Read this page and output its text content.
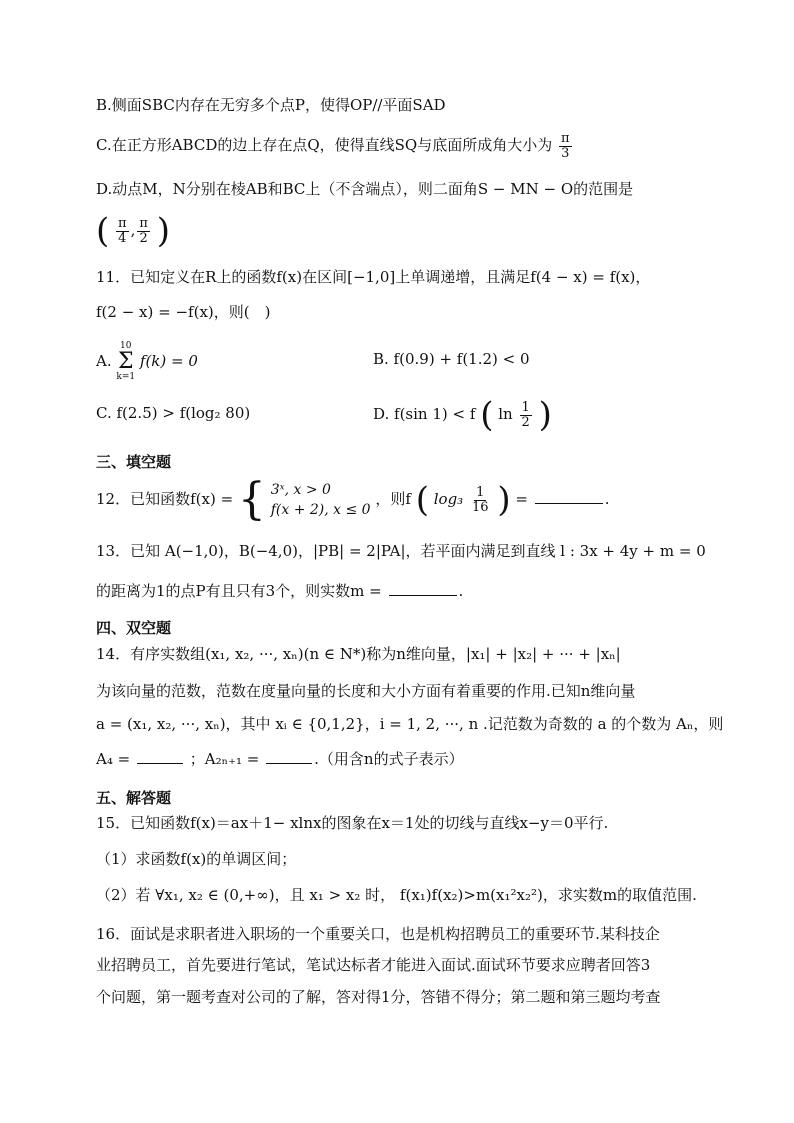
B.侧面SBC内存在无穷多个点P，使得OP//平面SAD
C.在正方形ABCD的边上存在点Q，使得直线SQ与底面所成角大小为 $\frac{\pi}{3}$
D.动点M，N分别在棱AB和BC上（不含端点），则二面角S − MN − O的范围是
( $\frac{\pi}{4}$ , $\frac{\pi}{2}$ )
11．已知定义在R上的函数f(x)在区间[−1,0]上单调递增，且满足f(4 − x) = f(x)，
f(2 − x) = −f(x)，则(　)
A.
10
Σ
k=1
f(k) = 0	B. f(0.9) + f(1.2) < 0
C. f(2.5) > f(log₂ 80)	D. f(sin 1) < f ( $\ln \frac{1}{2}$ )
三、填空题
12．已知函数f(x) = { 3ˣ, x > 0
f(x + 2), x ≤ 0
，则f ( $\log_3 \frac{1}{16}$ ) =	.
13．已知 A(−1,0)，B(−4,0)，|PB| = 2|PA|，若平面内满足到直线 l : 3x + 4y + m = 0
的距离为1的点P有且只有3个，则实数m =	.
四、双空题
14．有序实数组(x₁, x₂, ···, xₙ)(n ∈ N*)称为n维向量，|x₁| + |x₂| + ··· + |xₙ|
为该向量的范数，范数在度量向量的长度和大小方面有着重要的作用.已知n维向量
a = (x₁, x₂, ···, xₙ)，其中 xᵢ ∈ {0,1,2}，i = 1, 2, ···, n .记范数为奇数的 a 的个数为 Aₙ，则
A₄ =	；A₂ₙ₊₁ =	.（用含n的式子表示）
五、解答题
15．已知函数f(x)＝ax＋1− xlnx的图象在x＝1处的切线与直线x−y＝0平行.
（1）求函数f(x)的单调区间；
（2）若 ∀x₁, x₂ ∈ (0,+∞)，且 x₁ > x₂ 时， f(x₁)f(x₂)>m(x₁²x₂²)，求实数m的取值范围.
16．面试是求职者进入职场的一个重要关口，也是机构招聘员工的重要环节.某科技企
业招聘员工，首先要进行笔试，笔试达标者才能进入面试.面试环节要求应聘者回答3
个问题，第一题考查对公司的了解，答对得1分，答错不得分；第二题和第三题均考查
